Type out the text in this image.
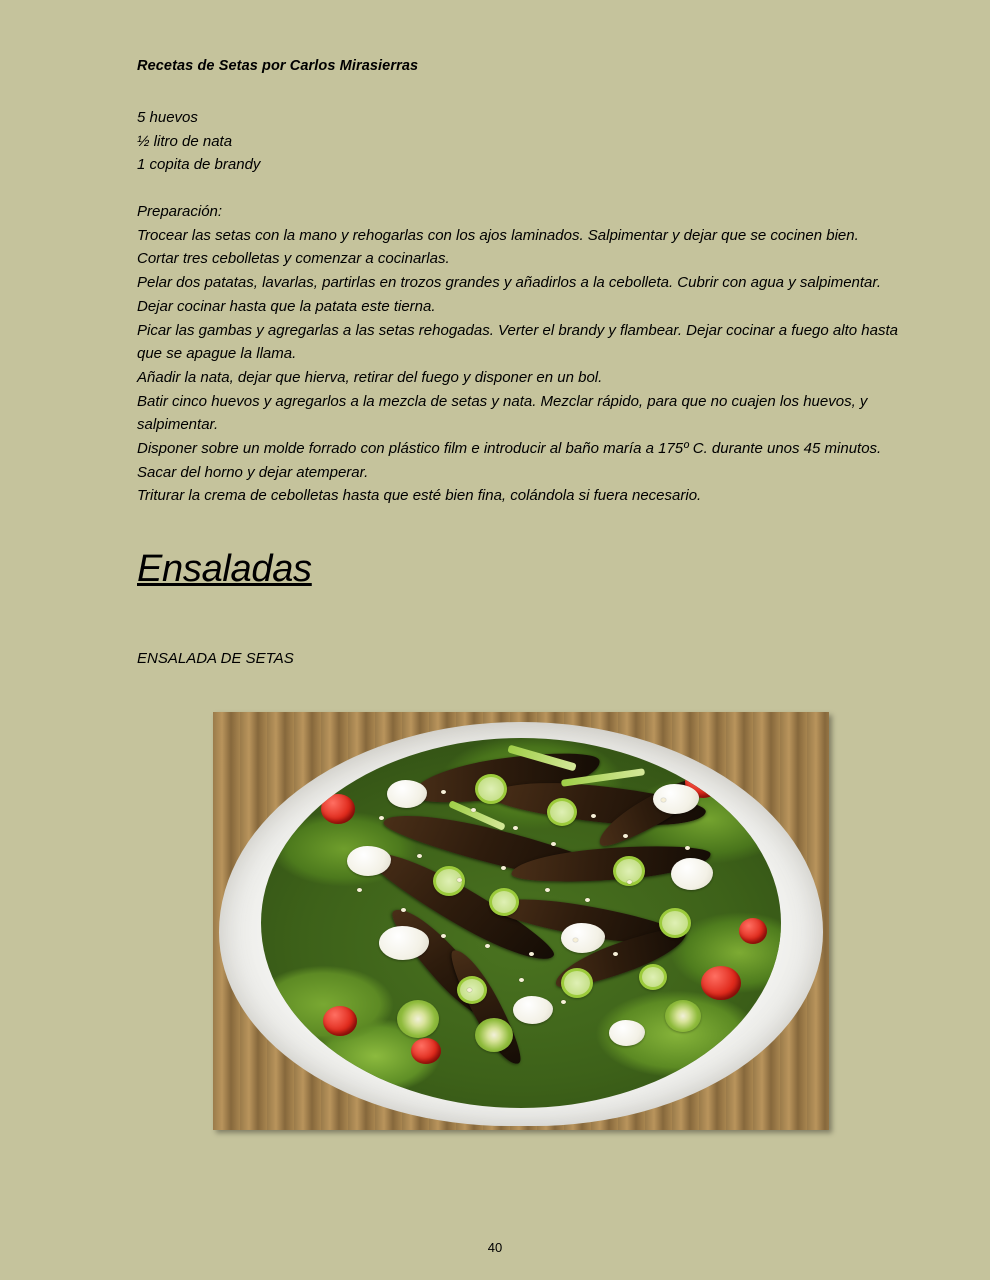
Recetas de Setas por Carlos Mirasierras
5 huevos
½ litro de nata
1 copita de brandy
Preparación:

Trocear las setas con la mano y rehogarlas con los ajos laminados. Salpimentar y dejar que se cocinen bien.

Cortar tres cebolletas y comenzar a cocinarlas.

Pelar dos patatas, lavarlas, partirlas en trozos grandes y añadirlos a la cebolleta. Cubrir con agua y salpimentar. Dejar cocinar hasta que la patata este tierna.

Picar las gambas y agregarlas a las setas rehogadas. Verter el brandy y flambear. Dejar cocinar a fuego alto hasta que se apague la llama.

Añadir la nata, dejar que hierva, retirar del fuego y disponer en un bol.

Batir cinco huevos y agregarlos a la mezcla de setas y nata. Mezclar rápido, para que no cuajen los huevos, y salpimentar.

Disponer sobre un molde forrado con plástico film e introducir al baño maría a 175º C. durante unos 45 minutos. Sacar del horno y dejar atemperar.

Triturar la crema de cebolletas hasta que esté bien fina, colándola si fuera necesario.

Ensaladas
ENSALADA DE SETAS
40
